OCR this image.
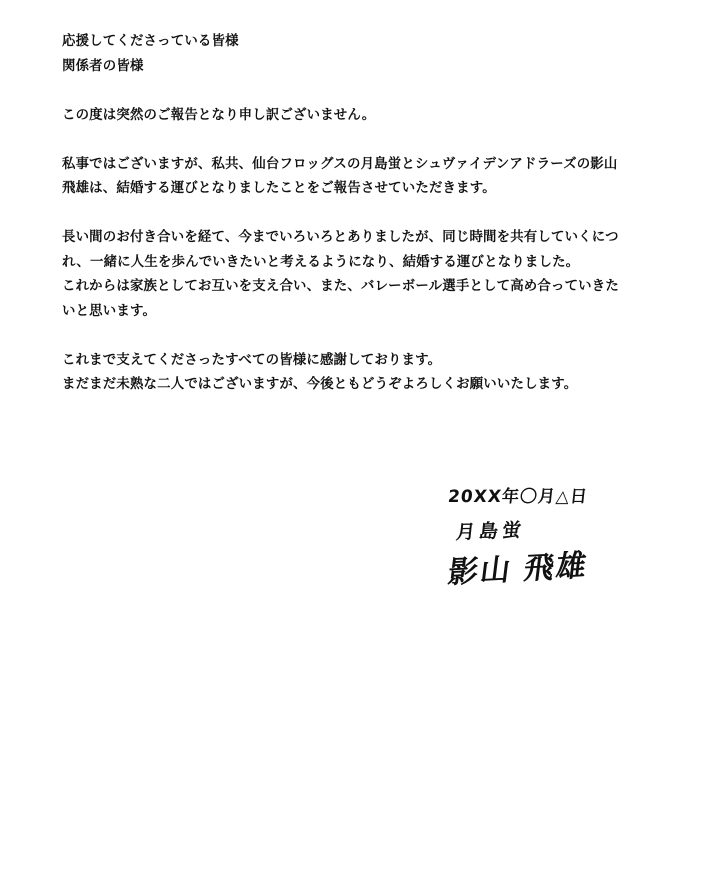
応援してくださっている皆様
関係者の皆様
この度は突然のご報告となり申し訳ございません。
私事ではございますが、私共、仙台フロッグスの月島蛍とシュヴァイデンアドラーズの影山
飛雄は、結婚する運びとなりましたことをご報告させていただきます。
長い間のお付き合いを経て、今までいろいろとありましたが、同じ時間を共有していくにつ
れ、一緒に人生を歩んでいきたいと考えるようになり、結婚する運びとなりました。
これからは家族としてお互いを支え合い、また、バレーボール選手として高め合っていきた
いと思います。
これまで支えてくださったすべての皆様に感謝しております。
まだまだ未熟な二人ではございますが、今後ともどうぞよろしくお願いいたします。
20XX年〇月△日
月島蛍
影山 飛雄
